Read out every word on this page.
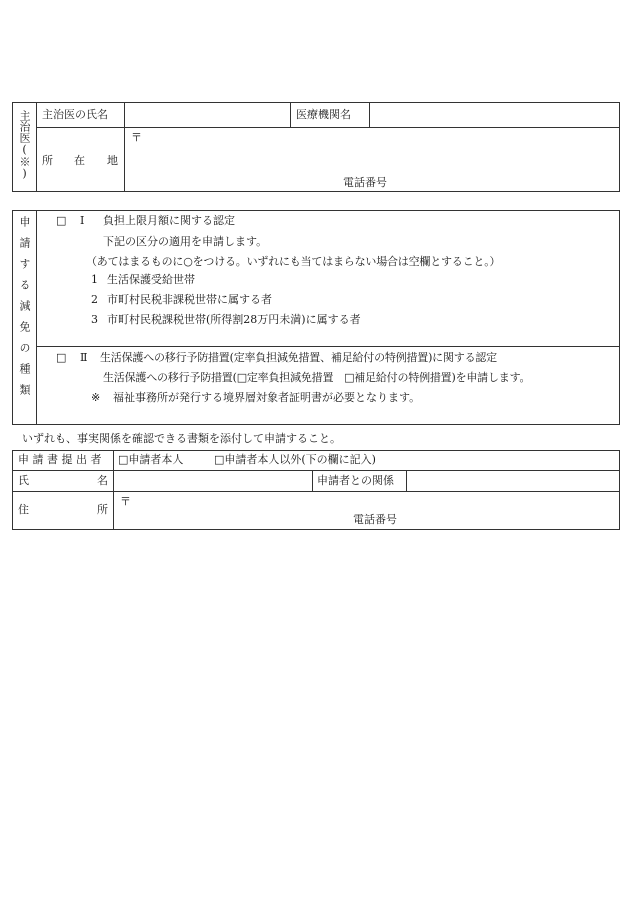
主治医(※) 主治医の氏名	医療機関名
所 在 地
〒
電話番号
申請する減免の種類 □ Ⅰ 負担上限月額に関する認定
下記の区分の適用を申請します。
（あてはまるものに○をつける。いずれにも当てはまらない場合は空欄とすること。）
1 生活保護受給世帯
2 市町村民税非課税世帯に属する者
3 市町村民税課税世帯(所得割28万円未満)に属する者
□ Ⅱ 生活保護への移行予防措置(定率負担減免措置、補足給付の特例措置)に関する認定
生活保護への移行予防措置(□定率負担減免措置　□補足給付の特例措置)を申請します。
※ 福祉事務所が発行する境界層対象者証明書が必要となります。
いずれも、事実関係を確認できる書類を添付して申請すること。
申 請 書 提 出 者 □申請者本人	□申請者本人以外(下の欄に記入)
氏	名	申請者との関係
住	所
〒
電話番号
